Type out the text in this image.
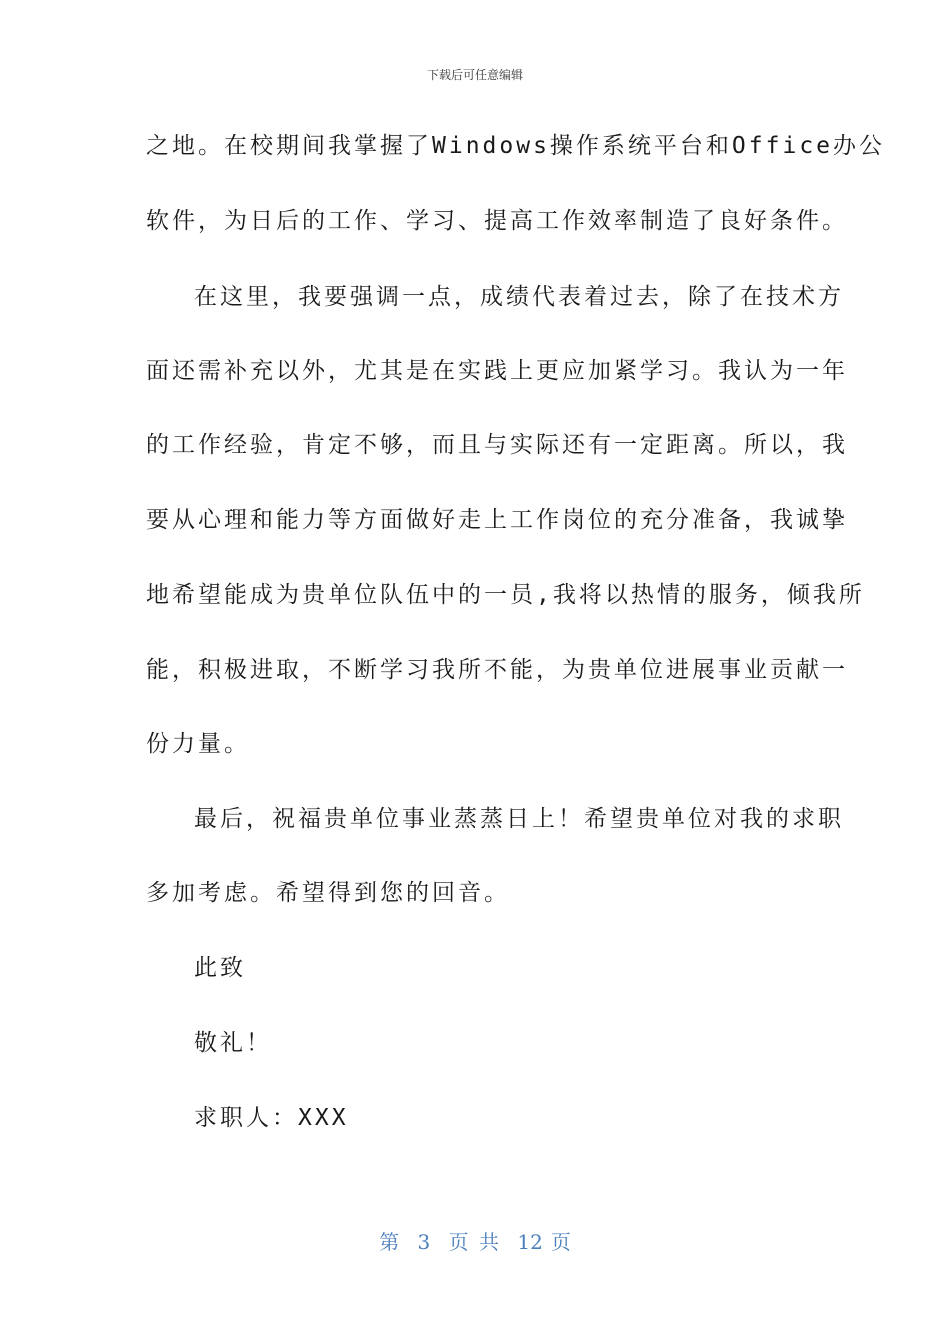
下载后可任意编辑
之地。在校期间我掌握了Windows操作系统平台和Office办公
软件，为日后的工作、学习、提高工作效率制造了良好条件。
在这里，我要强调一点，成绩代表着过去，除了在技术方
面还需补充以外，尤其是在实践上更应加紧学习。我认为一年
的工作经验，肯定不够，而且与实际还有一定距离。所以，我
要从心理和能力等方面做好走上工作岗位的充分准备，我诚挚
地希望能成为贵单位队伍中的一员,我将以热情的服务，倾我所
能，积极进取，不断学习我所不能，为贵单位进展事业贡献一
份力量。
最后，祝福贵单位事业蒸蒸日上！希望贵单位对我的求职
多加考虑。希望得到您的回音。
此致
敬礼！
求职人：XXX
第 3 页 共 12 页
